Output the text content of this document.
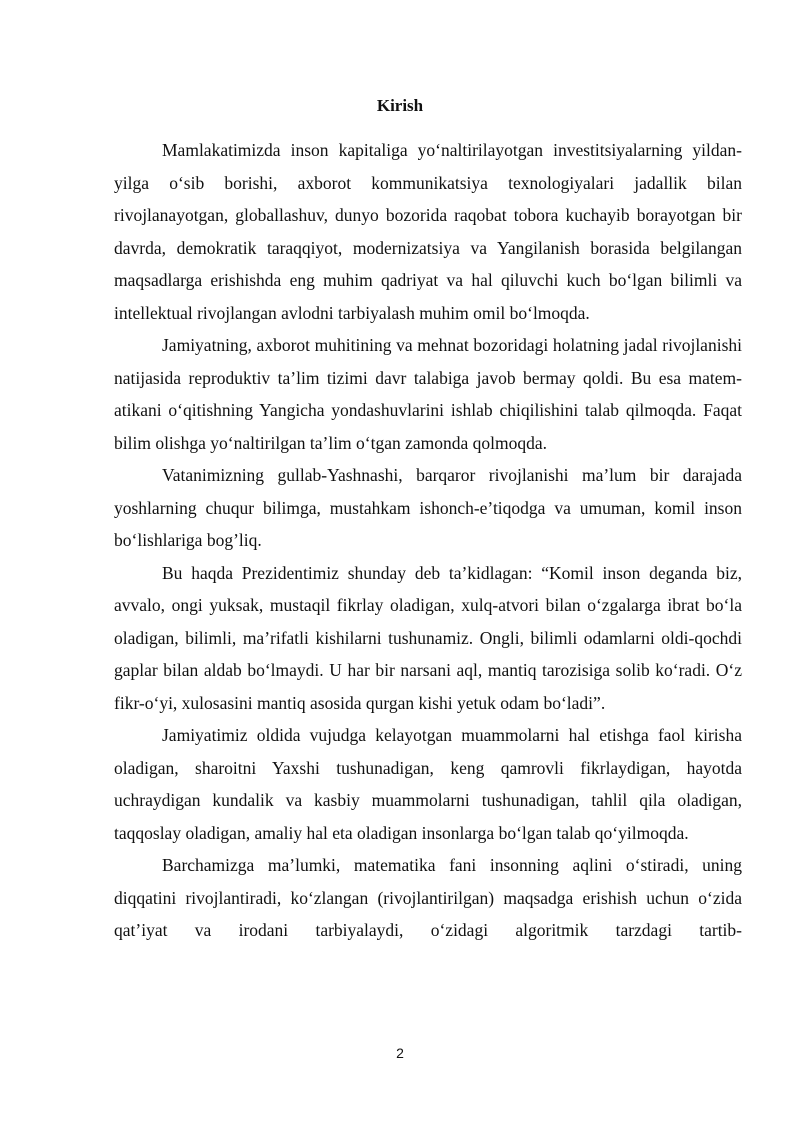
Kirish

Mamlakatimizda inson kapitaliga yo‘naltirilayotgan investitsiyalarning yildan-yilga o‘sib borishi, axborot kommunikatsiya texnologiyalari jadallik bilan rivojlanayotgan, globallashuv, dunyo bozorida raqobat tobora kuchayib borayotgan bir davrda, demokratik taraqqiyot, modernizatsiya va Yangilanish borasida belgilangan maqsadlarga erishishda eng muhim qadriyat va hal qiluvchi kuch bo‘lgan bilimli va intellektual rivojlangan avlodni tarbiyalash muhim omil bo‘lmoqda.

Jamiyatning, axborot muhitining va mehnat bozoridagi holatning jadal rivojlanishi natijasida reproduktiv ta’lim tizimi davr talabiga javob bermay qoldi. Bu esa matem- atikani o‘qitishning Yangicha yondashuvlarini ishlab chiqilishini talab qilmoqda. Faqat bilim olishga yo‘naltirilgan ta’lim o‘tgan zamonda qolmoqda.

Vatanimizning gullab-Yashnashi, barqaror rivojlanishi ma’lum bir darajada yoshlarning chuqur bilimga, mustahkam ishonch-e’tiqodga va umuman, komil inson bo‘lishlariga bog’liq.

Bu haqda Prezidentimiz shunday deb ta’kidlagan: “Komil inson deganda biz, avvalo, ongi yuksak, mustaqil fikrlay oladigan, xulq-atvori bilan o‘zgalarga ibrat bo‘la oladigan, bilimli, ma’rifatli kishilarni tushunamiz. Ongli, bilimli odamlarni oldi-qochdi gaplar bilan aldab bo‘lmaydi. U har bir narsani aql, mantiq tarozisiga solib ko‘radi. O‘z fikr-o‘yi, xulosasini mantiq asosida qurgan kishi yetuk odam bo‘ladi”.

Jamiyatimiz oldida vujudga kelayotgan muammolarni hal etishga faol kirisha oladigan, sharoitni Yaxshi tushunadigan, keng qamrovli fikrlaydigan, hayotda uchraydigan kundalik va kasbiy muammolarni tushunadigan, tahlil qila oladigan, taqqoslay oladigan, amaliy hal eta oladigan insonlarga bo‘lgan talab qo‘yilmoqda.

Barchamizga ma’lumki, matematika fani insonning aqlini o‘stiradi, uning diqqatini rivojlantiradi, ko‘zlangan (rivojlantirilgan) maqsadga erishish uchun o‘zida qat’iyat va irodani tarbiyalaydi, o‘zidagi algoritmik tarzdagi tartib-

2
